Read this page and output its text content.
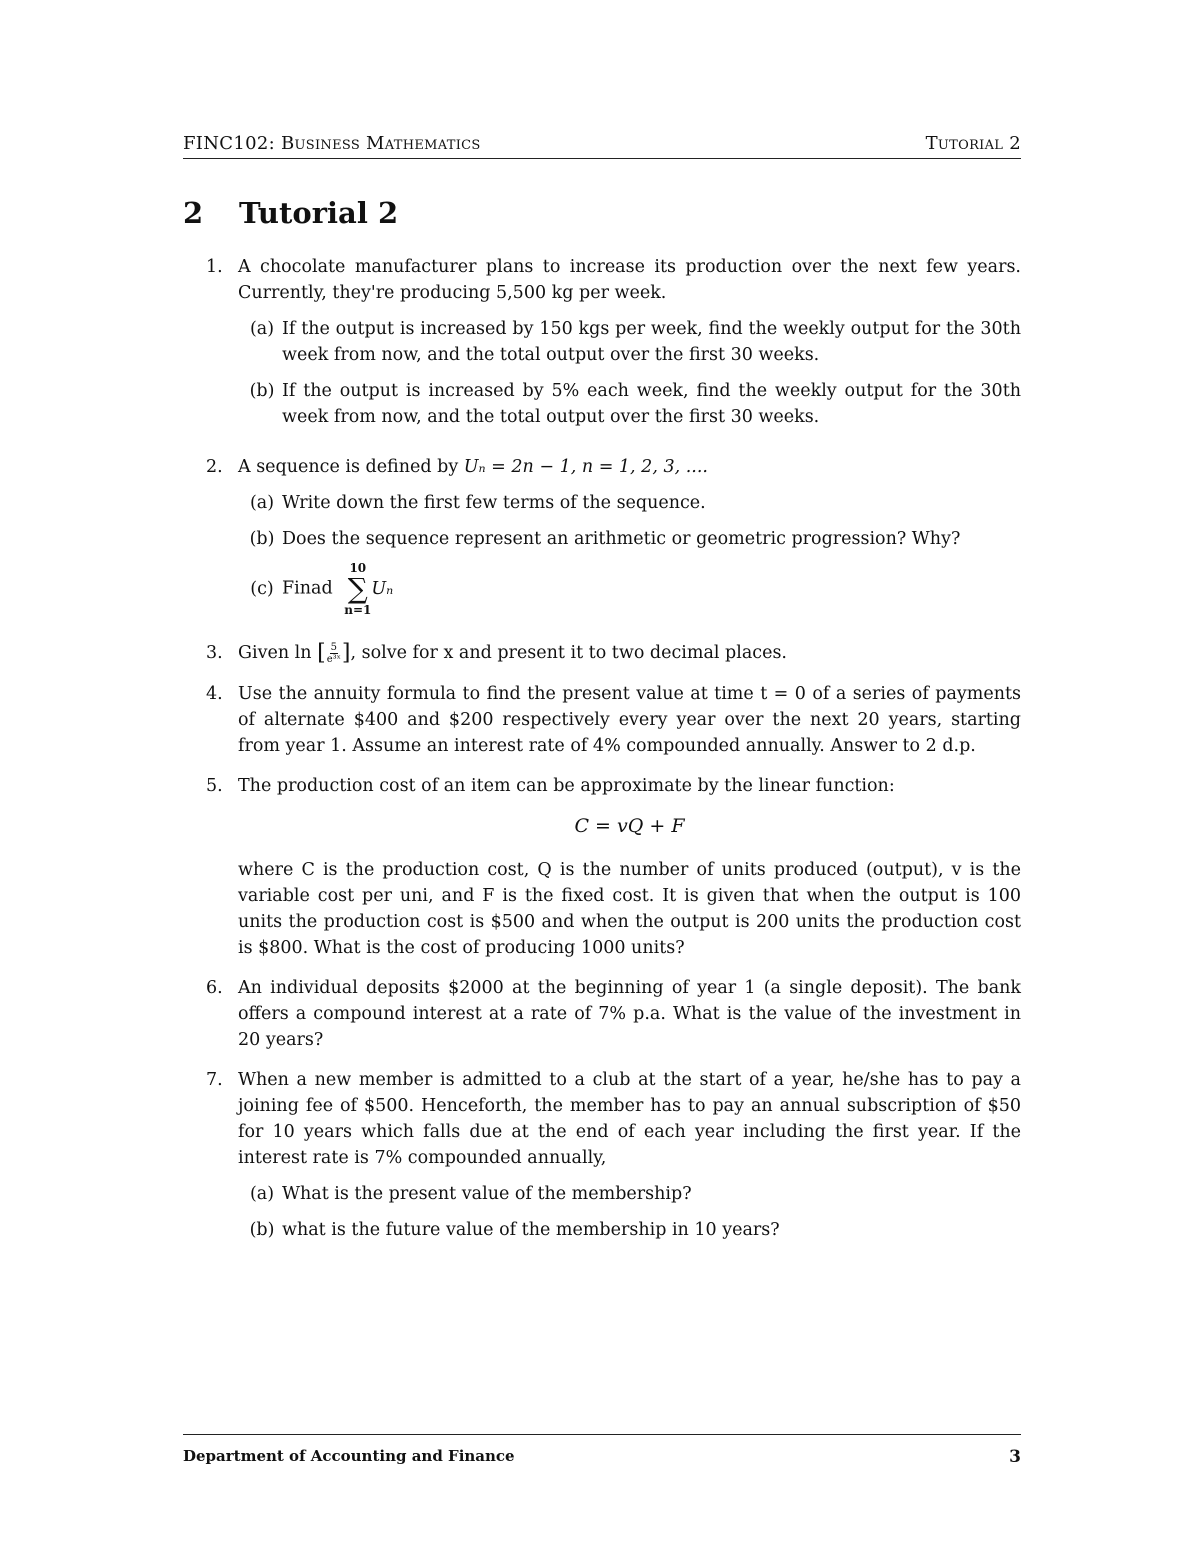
FINC102: Business Mathematics	Tutorial 2
2 Tutorial 2
1. A chocolate manufacturer plans to increase its production over the next few years. Currently, they're producing 5,500 kg per week.

(a) If the output is increased by 150 kgs per week, find the weekly output for the 30th week from now, and the total output over the first 30 weeks.
(b) If the output is increased by 5% each week, find the weekly output for the 30th week from now, and the total output over the first 30 weeks.
2. A sequence is defined by Uₙ = 2n − 1, n = 1, 2, 3, ....

(a) Write down the first few terms of the sequence.
(b) Does the sequence represent an arithmetic or geometric progression? Why?
(c) Finad
10
∑
n=1
Uₙ
3. Given ln [ $\frac{5}{\text{e³ˣ}}$ ], solve for x and present it to two decimal places.

4. Use the annuity formula to find the present value at time t = 0 of a series of payments of alternate $400 and $200 respectively every year over the next 20 years, starting from year 1. Assume an interest rate of 4% compounded annually. Answer to 2 d.p.

5. The production cost of an item can be approximate by the linear function:

C = vQ + F

where C is the production cost, Q is the number of units produced (output), v is the variable cost per uni, and F is the fixed cost. It is given that when the output is 100 units the production cost is $500 and when the output is 200 units the production cost is $800. What is the cost of producing 1000 units?

6. An individual deposits $2000 at the beginning of year 1 (a single deposit). The bank offers a compound interest at a rate of 7% p.a. What is the value of the investment in 20 years?

7. When a new member is admitted to a club at the start of a year, he/she has to pay a joining fee of $500. Henceforth, the member has to pay an annual subscription of $50 for 10 years which falls due at the end of each year including the first year. If the interest rate is 7% compounded annually,

(a) What is the present value of the membership?
(b) what is the future value of the membership in 10 years?
Department of Accounting and Finance	3
